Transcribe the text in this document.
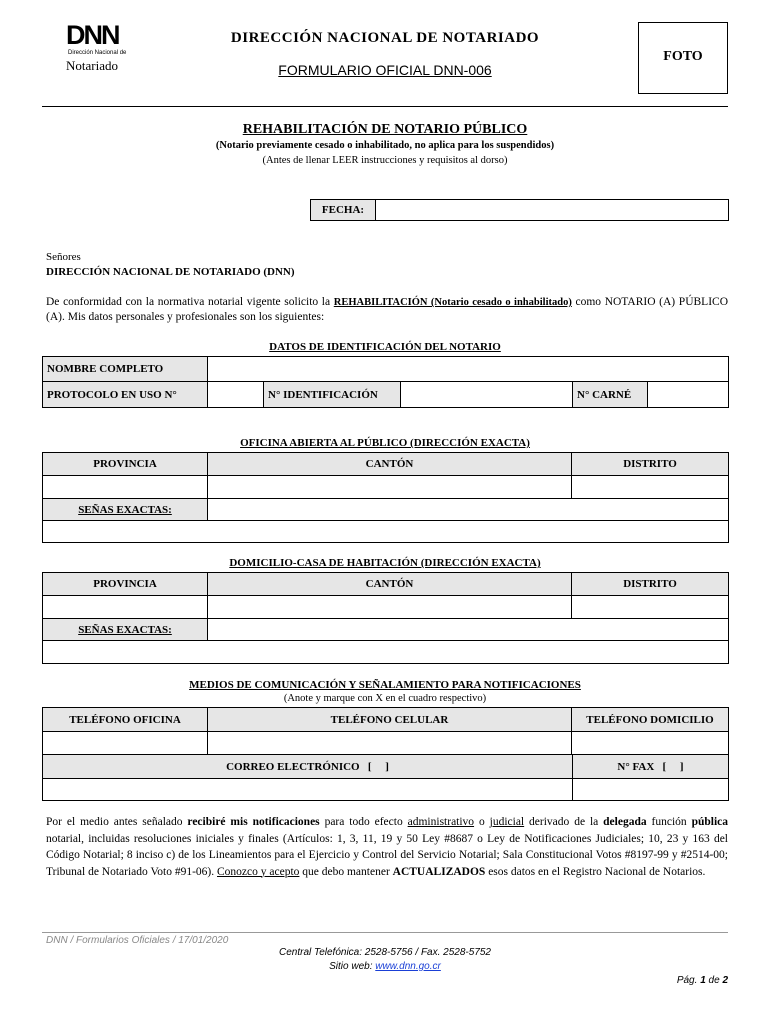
DNN
Dirección Nacional de
Notariado
DIRECCIÓN NACIONAL DE NOTARIADO
FORMULARIO OFICIAL DNN-006
FOTO
REHABILITACIÓN DE NOTARIO PÚBLICO
(Notario previamente cesado o inhabilitado, no aplica para los suspendidos)
(Antes de llenar LEER instrucciones y requisitos al dorso)
FECHA:
Señores
DIRECCIÓN NACIONAL DE NOTARIADO (DNN)
De conformidad con la normativa notarial vigente solicito la REHABILITACIÓN (Notario cesado o inhabilitado) como NOTARIO (A) PÚBLICO (A). Mis datos personales y profesionales son los siguientes:
DATOS DE IDENTIFICACIÓN DEL NOTARIO
NOMBRE COMPLETO
PROTOCOLO EN USO N°	N° IDENTIFICACIÓN	N° CARNÉ
OFICINA ABIERTA AL PÚBLICO (DIRECCIÓN EXACTA)
PROVINCIA	CANTÓN	DISTRITO
SEÑAS EXACTAS:
DOMICILIO-CASA DE HABITACIÓN (DIRECCIÓN EXACTA)
PROVINCIA	CANTÓN	DISTRITO
SEÑAS EXACTAS:
MEDIOS DE COMUNICACIÓN Y SEÑALAMIENTO PARA NOTIFICACIONES
(Anote y marque con X en el cuadro respectivo)
TELÉFONO OFICINA	TELÉFONO CELULAR	TELÉFONO DOMICILIO
CORREO ELECTRÓNICO   [     ]	N° FAX   [     ]
Por el medio antes señalado recibiré mis notificaciones para todo efecto administrativo o judicial derivado de la delegada función pública notarial, incluidas resoluciones iniciales y finales (Artículos: 1, 3, 11, 19 y 50 Ley #8687 o Ley de Notificaciones Judiciales; 10, 23 y 163 del Código Notarial; 8 inciso c) de los Lineamientos para el Ejercicio y Control del Servicio Notarial; Sala Constitucional Votos #8197-99 y #2514-00; Tribunal de Notariado Voto #91-06). Conozco y acepto que debo mantener ACTUALIZADOS esos datos en el Registro Nacional de Notarios.
DNN / Formularios Oficiales / 17/01/2020
Central Telefónica: 2528-5756 / Fax. 2528-5752
Sitio web: www.dnn.go.cr
Pág. 1 de 2
